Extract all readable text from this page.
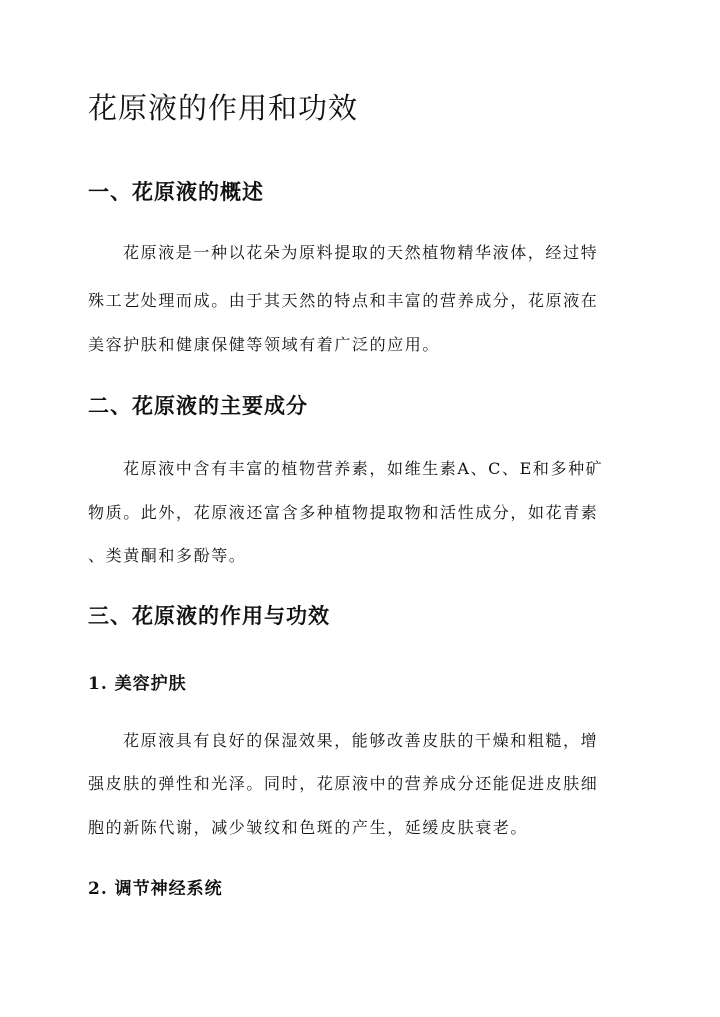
花原液的作用和功效
一、花原液的概述

花原液是一种以花朵为原料提取的天然植物精华液体，经过特

殊工艺处理而成。由于其天然的特点和丰富的营养成分，花原液在

美容护肤和健康保健等领域有着广泛的应用。

二、花原液的主要成分

花原液中含有丰富的植物营养素，如维生素A、C、E和多种矿

物质。此外，花原液还富含多种植物提取物和活性成分，如花青素

、类黄酮和多酚等。

三、花原液的作用与功效
1. 美容护肤

花原液具有良好的保湿效果，能够改善皮肤的干燥和粗糙，增

强皮肤的弹性和光泽。同时，花原液中的营养成分还能促进皮肤细

胞的新陈代谢，减少皱纹和色斑的产生，延缓皮肤衰老。

2. 调节神经系统
